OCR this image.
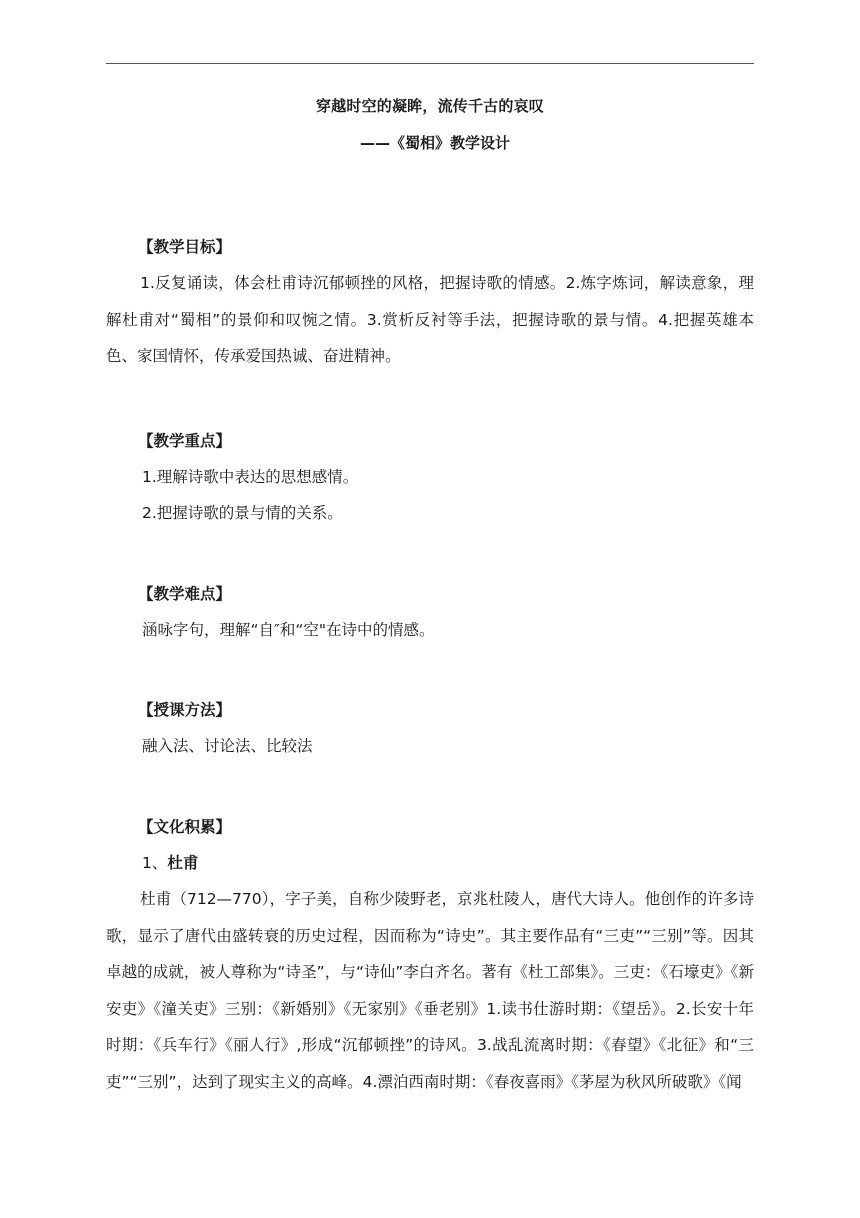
穿越时空的凝眸，流传千古的哀叹
——《蜀相》教学设计
【教学目标】

1.反复诵读，体会杜甫诗沉郁顿挫的风格，把握诗歌的情感。2.炼字炼词，解读意象，理解杜甫对“蜀相”的景仰和叹惋之情。3.赏析反衬等手法，把握诗歌的景与情。4.把握英雄本色、家国情怀，传承爱国热诚、奋进精神。

【教学重点】

1.理解诗歌中表达的思想感情。

2.把握诗歌的景与情的关系。

【教学难点】

涵咏字句，理解“自″和“空"在诗中的情感。

【授课方法】

融入法、讨论法、比较法

【文化积累】

1、杜甫

杜甫（712—770），字子美，自称少陵野老，京兆杜陵人，唐代大诗人。他创作的许多诗歌，显示了唐代由盛转衰的历史过程，因而称为“诗史”。其主要作品有“三吏”“三别”等。因其卓越的成就，被人尊称为“诗圣”，与“诗仙”李白齐名。著有《杜工部集》。三吏：《石壕吏》《新安吏》《潼关吏》三别：《新婚别》《无家别》《垂老别》1.读书仕游时期：《望岳》。2.长安十年时期：《兵车行》《丽人行》,形成“沉郁顿挫”的诗风。3.战乱流离时期：《春望》《北征》和“三吏”“三别”，达到了现实主义的高峰。4.漂泊西南时期：《春夜喜雨》《茅屋为秋风所破歌》《闻
